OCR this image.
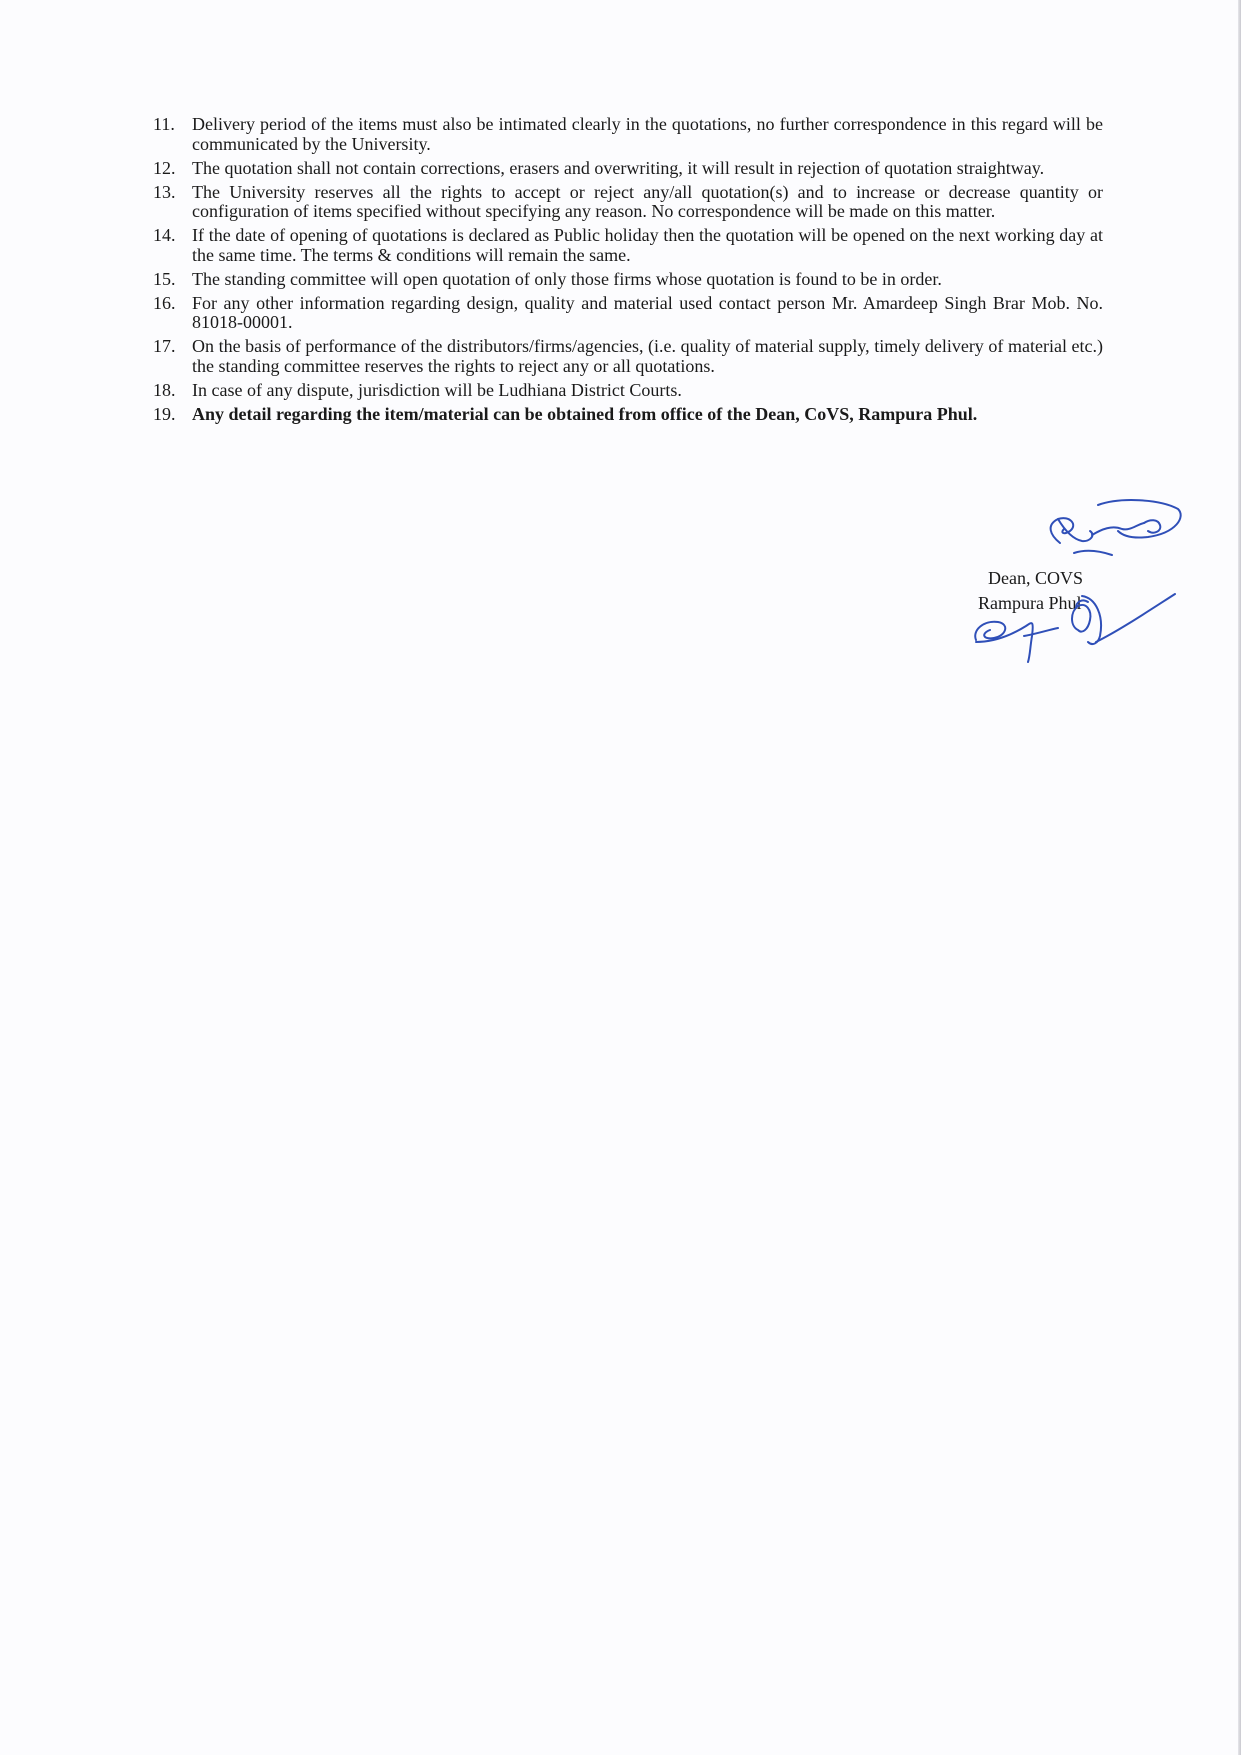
11. Delivery period of the items must also be intimated clearly in the quotations, no further correspondence in this regard will be communicated by the University.
12. The quotation shall not contain corrections, erasers and overwriting, it will result in rejection of quotation straightway.
13. The University reserves all the rights to accept or reject any/all quotation(s) and to increase or decrease quantity or configuration of items specified without specifying any reason. No correspondence will be made on this matter.
14. If the date of opening of quotations is declared as Public holiday then the quotation will be opened on the next working day at the same time. The terms & conditions will remain the same.
15. The standing committee will open quotation of only those firms whose quotation is found to be in order.
16. For any other information regarding design, quality and material used contact person Mr. Amardeep Singh Brar Mob. No. 81018-00001.
17. On the basis of performance of the distributors/firms/agencies, (i.e. quality of material supply, timely delivery of material etc.) the standing committee reserves the rights to reject any or all quotations.
18. In case of any dispute, jurisdiction will be Ludhiana District Courts.
19. Any detail regarding the item/material can be obtained from office of the Dean, CoVS, Rampura Phul.
Dean, COVS
Rampura Phul
